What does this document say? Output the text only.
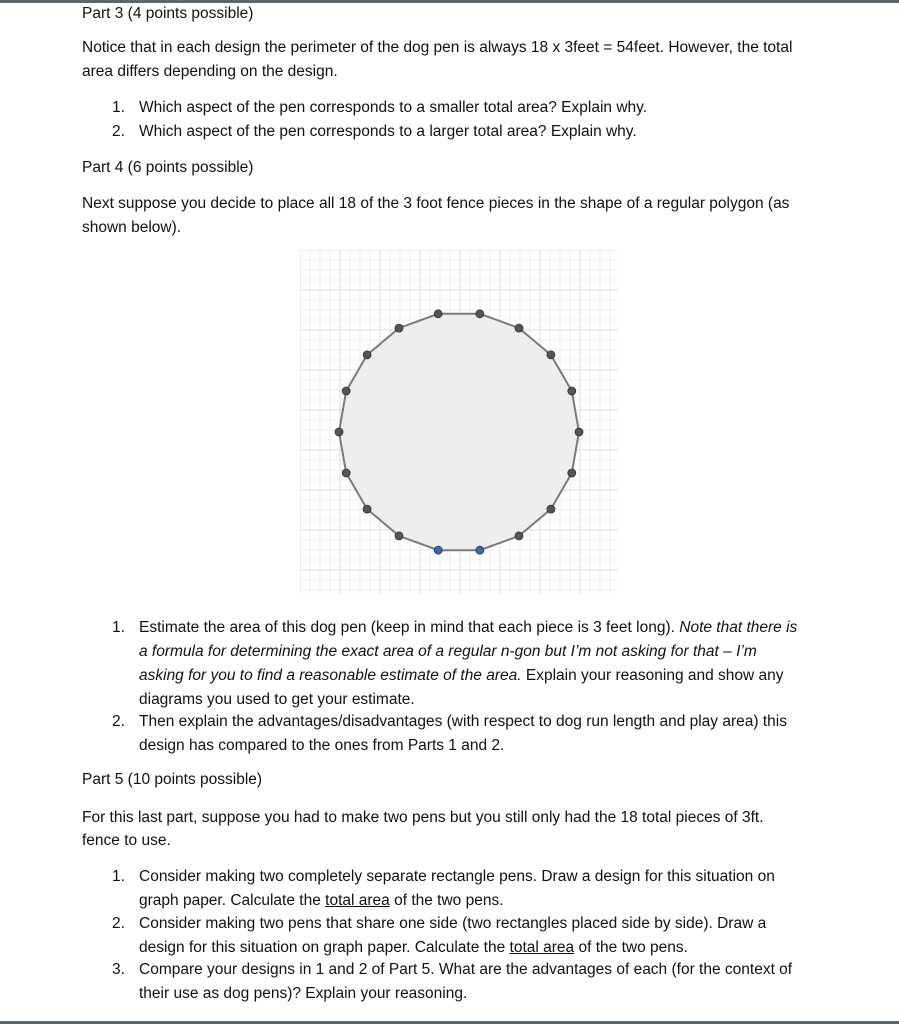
Part 3 (4 points possible)
Notice that in each design the perimeter of the dog pen is always 18 x 3feet = 54feet. However, the total
area differs depending on the design.
1. Which aspect of the pen corresponds to a smaller total area? Explain why.
2. Which aspect of the pen corresponds to a larger total area? Explain why.
Part 4 (6 points possible)
Next suppose you decide to place all 18 of the 3 foot fence pieces in the shape of a regular polygon (as
shown below).
1. Estimate the area of this dog pen (keep in mind that each piece is 3 feet long). Note that there is
a formula for determining the exact area of a regular n-gon but I’m not asking for that – I’m
asking for you to find a reasonable estimate of the area. Explain your reasoning and show any
diagrams you used to get your estimate.
2. Then explain the advantages/disadvantages (with respect to dog run length and play area) this
design has compared to the ones from Parts 1 and 2.
Part 5 (10 points possible)
For this last part, suppose you had to make two pens but you still only had the 18 total pieces of 3ft.
fence to use.
1. Consider making two completely separate rectangle pens. Draw a design for this situation on
graph paper. Calculate the total area of the two pens.
2. Consider making two pens that share one side (two rectangles placed side by side). Draw a
design for this situation on graph paper. Calculate the total area of the two pens.
3. Compare your designs in 1 and 2 of Part 5. What are the advantages of each (for the context of
their use as dog pens)? Explain your reasoning.
